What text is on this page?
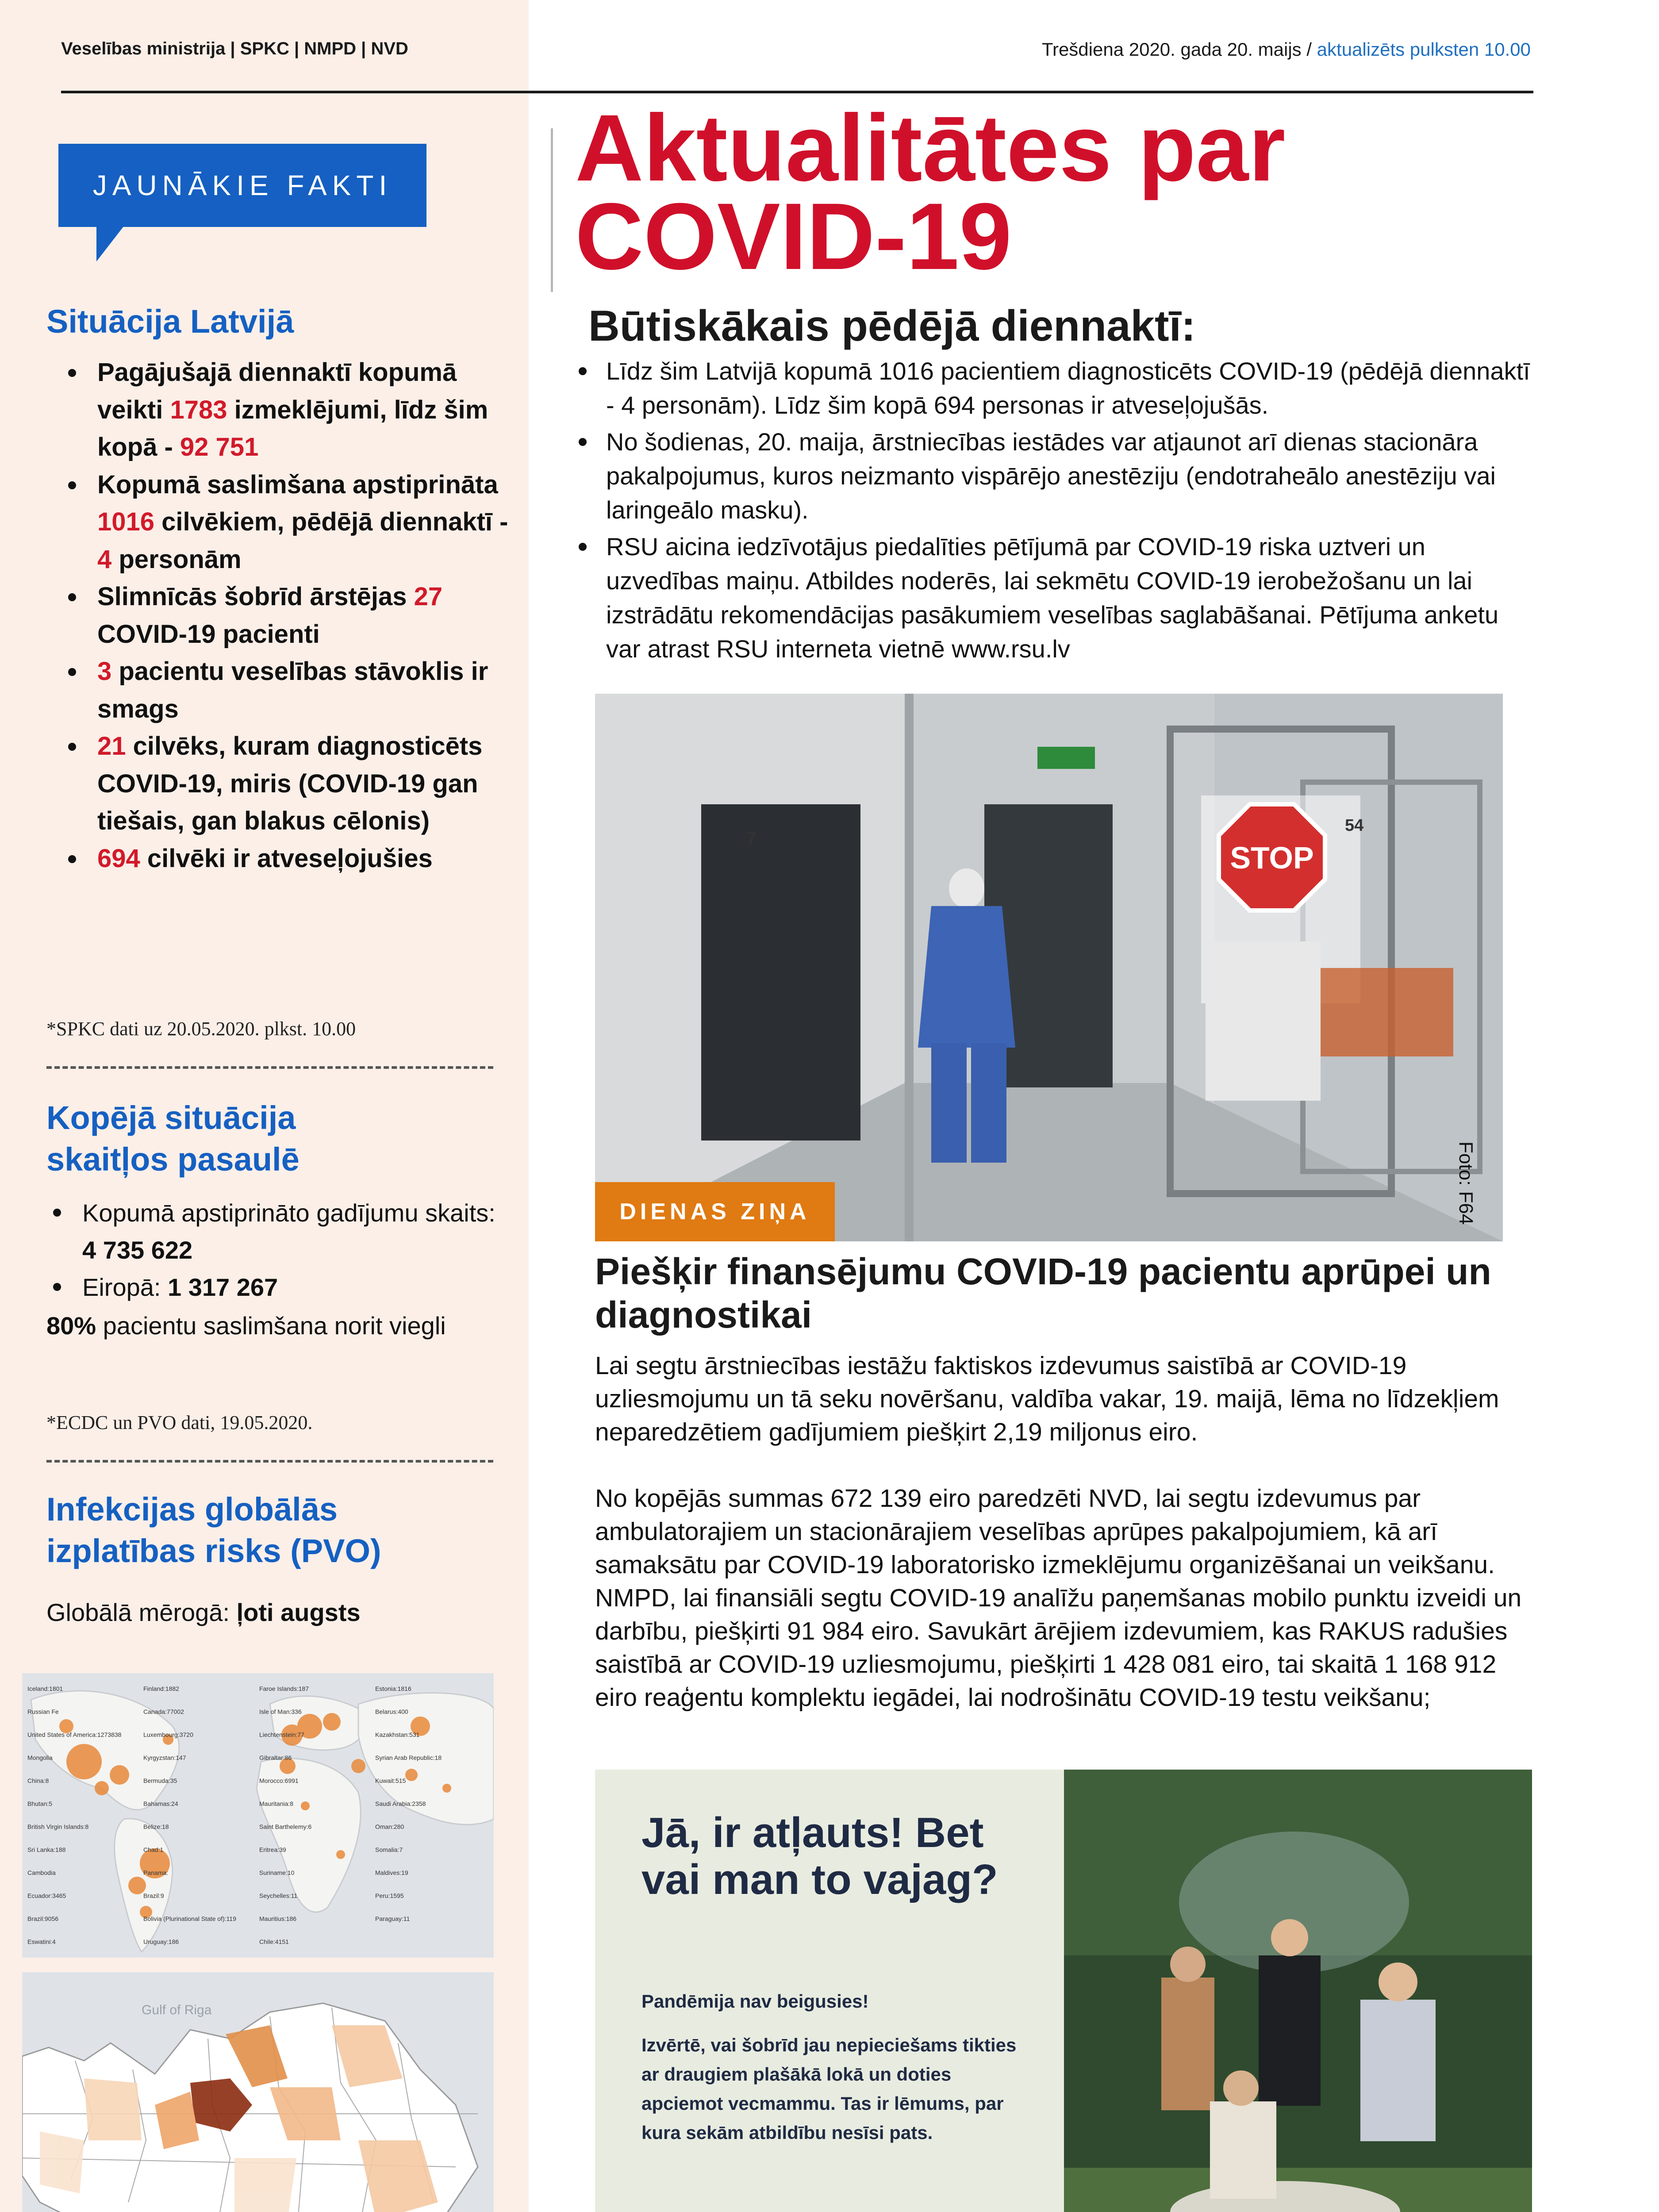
Veselības ministrija | SPKC | NMPD | NVD	Trešdiena 2020. gada 20. maijs / aktualizēts pulksten 10.00
JAUNĀKIE FAKTI
Situācija Latvijā
Pagājušajā diennaktī kopumā veikti 1783 izmeklējumi, līdz šim kopā - 92 751
Kopumā saslimšana apstiprināta 1016 cilvēkiem, pēdējā diennaktī - 4 personām
Slimnīcās šobrīd ārstējas 27 COVID-19 pacienti
3 pacientu veselības stāvoklis ir smags
21 cilvēks, kuram diagnosticēts COVID-19, miris (COVID-19 gan tiešais, gan blakus cēlonis)
694 cilvēki ir atveseļojušies
*SPKC dati uz 20.05.2020. plkst. 10.00
Kopējā situācija
skaitļos pasaulē
Kopumā apstiprināto gadījumu skaits: 4 735 622
Eiropā: 1 317 267
80% pacientu saslimšana norit viegli
*ECDC un PVO dati, 19.05.2020.
Infekcijas globālās
izplatības risks (PVO)
Globālā mērogā: ļoti augsts
Iceland:1801	Finland:1882	Faroe Islands:187	Estonia:1816
Russian Fe	Canada:77002	Isle of Man:336	Belarus:400
United States of America:1273838	Luxembourg:3720	Liechtenstein:77	Kazakhstan:531
Mongolia	Kyrgyzstan:147	Gibraltar:86	Syrian Arab Republic:18
China:8	Bermuda:35	Morocco:6991	Kuwait:515
Bhutan:5	Bahamas:24	Mauritania:8	Saudi Arabia:2358
British Virgin Islands:8	Belize:18	Saint Barthelemy:6	Oman:280
Sri Lanka:188	Chad:1	Eritrea:39	Somalia:7
Cambodia	Panama:	Suriname:10	Maldives:19
Ecuador:3465	Brazil:9	Seychelles:11	Peru:1595
Brazil:9056	Bolivia (Plurinational State of):119	Mauritius:186	Paraguay:11
Eswatini:4	Uruguay:186	Chile:4151
Gulf of Riga
Aktualitātes par COVID-19
Būtiskākais pēdējā diennaktī:
Līdz šim Latvijā kopumā 1016 pacientiem diagnosticēts COVID-19 (pēdējā diennaktī - 4 personām). Līdz šim kopā 694 personas ir atveseļojušās.
No šodienas, 20. maija, ārstniecības iestādes var atjaunot arī dienas stacionāra pakalpojumus, kuros neizmanto vispārējo anestēziju (endotraheālo anestēziju vai laringeālo masku).
RSU aicina iedzīvotājus piedalīties pētījumā par COVID-19 riska uztveri un uzvedības maiņu. Atbildes noderēs, lai sekmētu COVID-19 ierobežošanu un lai izstrādātu rekomendācijas pasākumiem veselības saglabāšanai. Pētījuma anketu var atrast RSU interneta vietnē www.rsu.lv
STOP
7
54
Foto: F64
DIENAS ZIŅA
Piešķir finansējumu COVID-19 pacientu aprūpei un diagnostikai

Lai segtu ārstniecības iestāžu faktiskos izdevumus saistībā ar COVID-19 uzliesmojumu un tā seku novēršanu, valdība vakar, 19. maijā, lēma no līdzekļiem neparedzētiem gadījumiem piešķirt 2,19 miljonus eiro.

No kopējās summas 672 139 eiro paredzēti NVD, lai segtu izdevumus par ambulatorajiem un stacionārajiem veselības aprūpes pakalpojumiem, kā arī samaksātu par COVID-19 laboratorisko izmeklējumu organizēšanai un veikšanu. NMPD, lai finansiāli segtu COVID-19 analīžu paņemšanas mobilo punktu izveidi un darbību, piešķirti 91 984 eiro. Savukārt ārējiem izdevumiem, kas RAKUS radušies saistībā ar COVID-19 uzliesmojumu, piešķirti 1 428 081 eiro, tai skaitā 1 168 912 eiro reaģentu komplektu iegādei, lai nodrošinātu COVID-19 testu veikšanu;

Jā, ir atļauts! Bet vai man to vajag?
Pandēmija nav beigusies!
Izvērtē, vai šobrīd jau nepieciešams tikties ar draugiem plašākā lokā un doties apciemot vecmammu. Tas ir lēmums, par kura sekām atbildību nesīsi pats.
